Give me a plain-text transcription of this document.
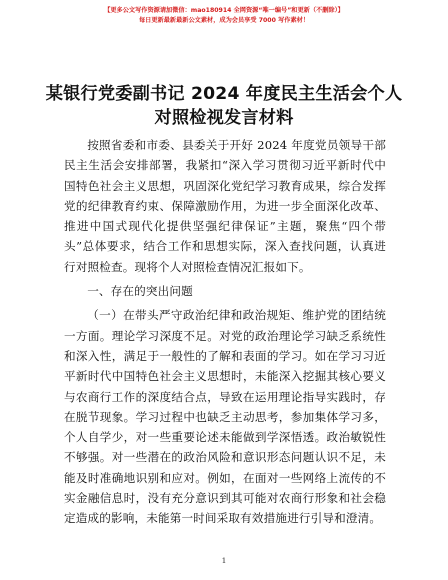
【更多公文写作资源请加微信：mao180914 全网资源“唯一编号”和更新（不删除）】
每日更新最新最新公文素材，成为会员享受 7000 写作素材！
某银行党委副书记 2024 年度民主生活会个人对照检视发言材料

按照省委和市委、县委关于开好 2024 年度党员领导干部民主生活会安排部署，我紧扣“深入学习贯彻习近平新时代中国特色社会主义思想，巩固深化党纪学习教育成果，综合发挥党的纪律教育约束、保障激励作用，为进一步全面深化改革、推进中国式现代化提供坚强纪律保证”主题，聚焦“四个带头”总体要求，结合工作和思想实际，深入查找问题，认真进行对照检查。现将个人对照检查情况汇报如下。

一、存在的突出问题

（一）在带头严守政治纪律和政治规矩、维护党的团结统一方面。理论学习深度不足。对党的政治理论学习缺乏系统性和深入性，满足于一般性的了解和表面的学习。如在学习习近平新时代中国特色社会主义思想时，未能深入挖掘其核心要义与农商行工作的深度结合点，导致在运用理论指导实践时，存在脱节现象。学习过程中也缺乏主动思考，参加集体学习多，个人自学少，对一些重要论述未能做到学深悟透。政治敏锐性不够强。对一些潜在的政治风险和意识形态问题认识不足，未能及时准确地识别和应对。例如，在面对一些网络上流传的不实金融信息时，没有充分意识到其可能对农商行形象和社会稳定造成的影响，未能第一时间采取有效措施进行引导和澄清。

1
